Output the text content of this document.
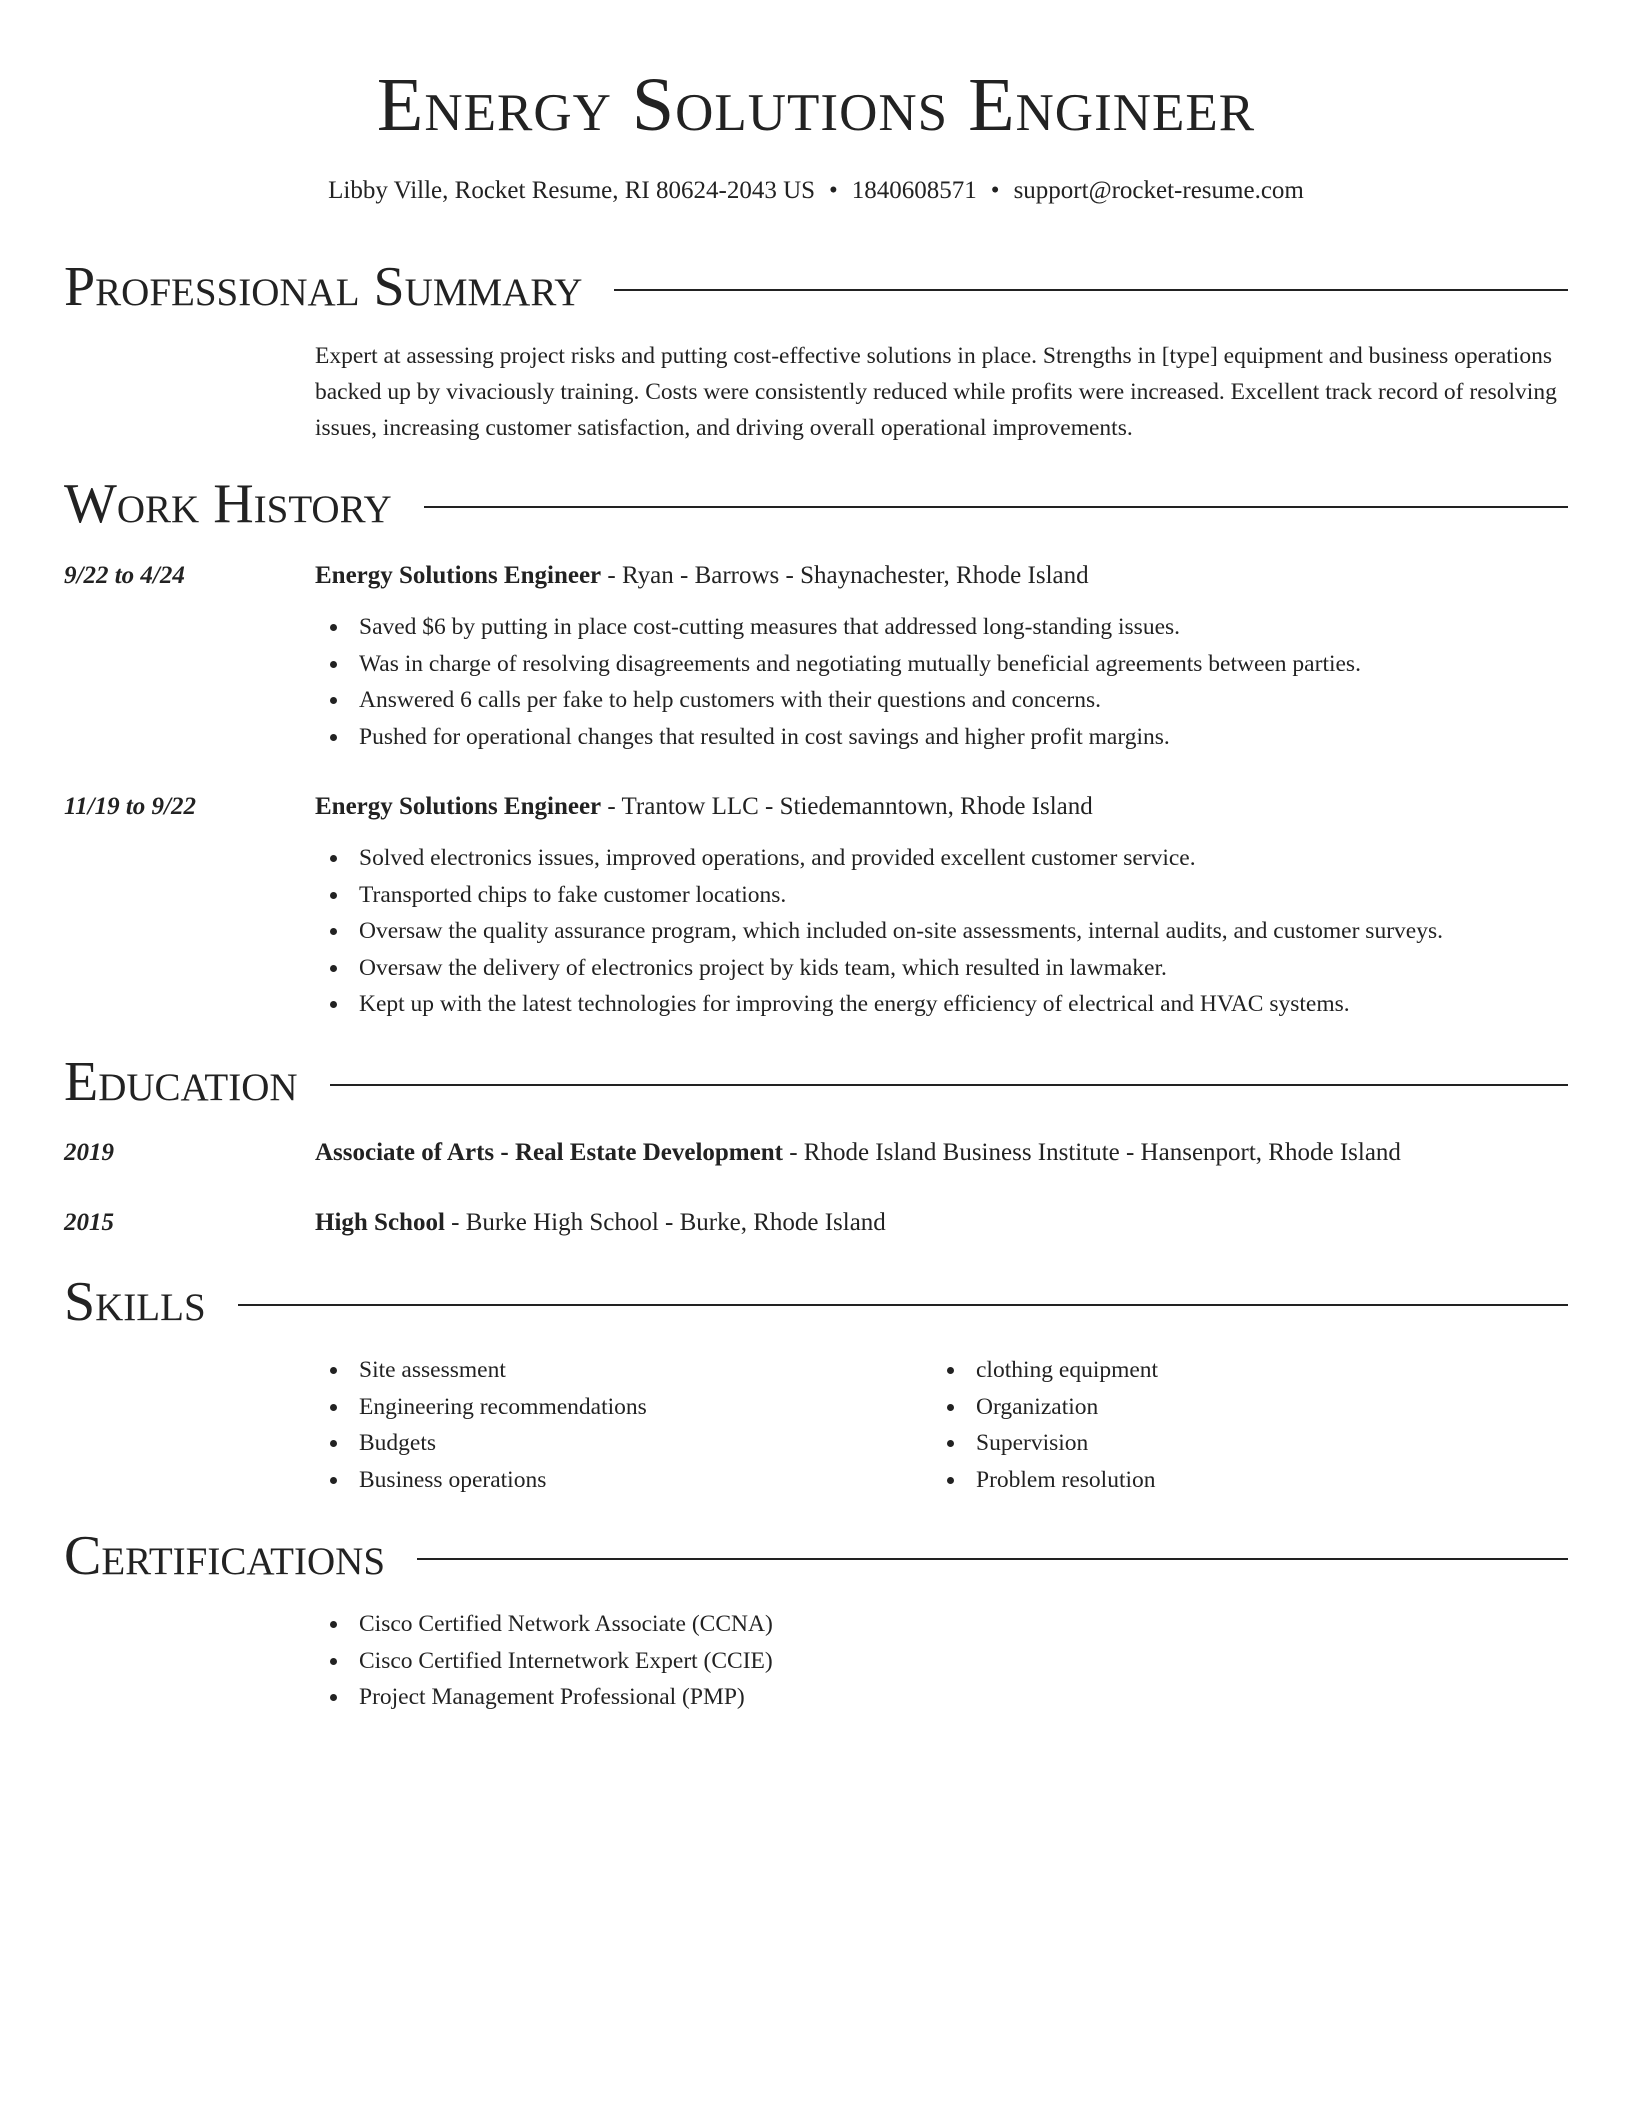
Energy Solutions Engineer
Libby Ville, Rocket Resume, RI 80624-2043 US • 1840608571 • support@rocket-resume.com
Professional Summary
Expert at assessing project risks and putting cost-effective solutions in place. Strengths in [type] equipment and business operations backed up by vivaciously training. Costs were consistently reduced while profits were increased. Excellent track record of resolving issues, increasing customer satisfaction, and driving overall operational improvements.
Work History
9/22 to 4/24	Energy Solutions Engineer - Ryan - Barrows - Shaynachester, Rhode Island
Saved $6 by putting in place cost-cutting measures that addressed long-standing issues.
Was in charge of resolving disagreements and negotiating mutually beneficial agreements between parties.
Answered 6 calls per fake to help customers with their questions and concerns.
Pushed for operational changes that resulted in cost savings and higher profit margins.
11/19 to 9/22	Energy Solutions Engineer - Trantow LLC - Stiedemanntown, Rhode Island
Solved electronics issues, improved operations, and provided excellent customer service.
Transported chips to fake customer locations.
Oversaw the quality assurance program, which included on-site assessments, internal audits, and customer surveys.
Oversaw the delivery of electronics project by kids team, which resulted in lawmaker.
Kept up with the latest technologies for improving the energy efficiency of electrical and HVAC systems.
Education
2019	Associate of Arts - Real Estate Development - Rhode Island Business Institute - Hansenport, Rhode Island
2015	High School - Burke High School - Burke, Rhode Island
Skills
Site assessment
Engineering recommendations
Budgets
Business operations
clothing equipment
Organization
Supervision
Problem resolution
Certifications
Cisco Certified Network Associate (CCNA)
Cisco Certified Internetwork Expert (CCIE)
Project Management Professional (PMP)
